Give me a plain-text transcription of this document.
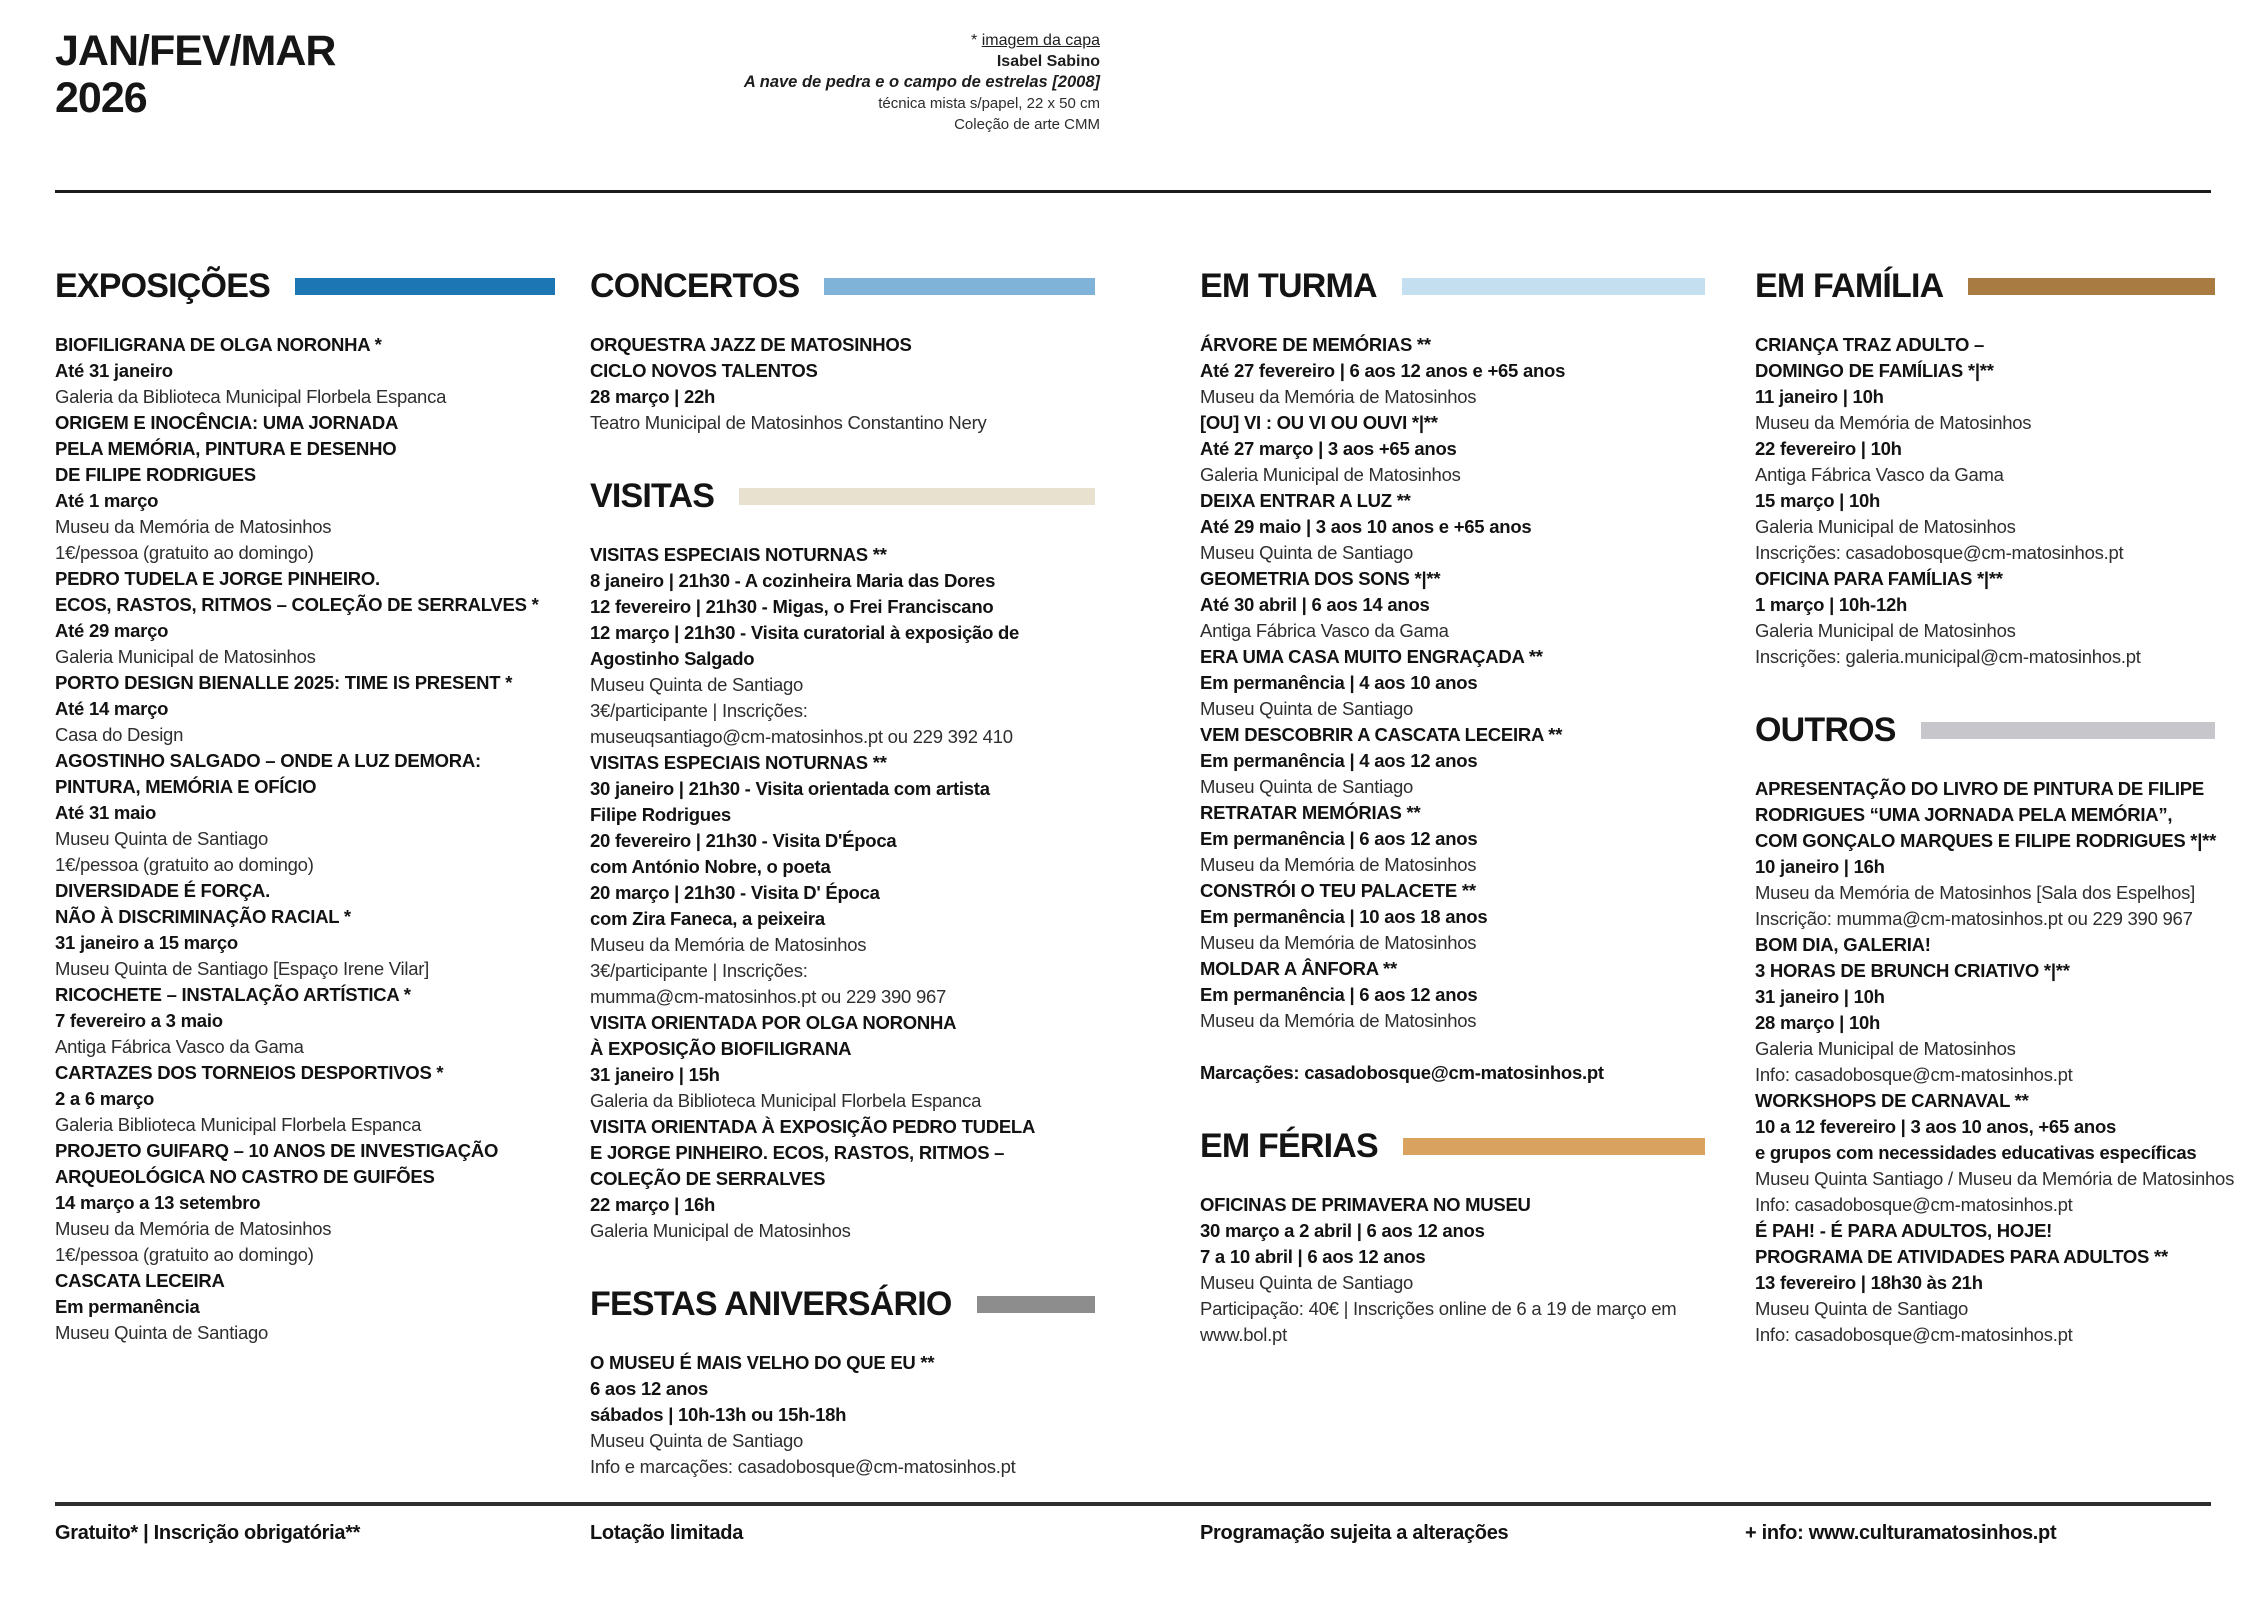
JAN/FEV/MAR
2026
* imagem da capa
Isabel Sabino
A nave de pedra e o campo de estrelas [2008]
técnica mista s/papel, 22 x 50 cm
Coleção de arte CMM
EXPOSIÇÕES
BIOFILIGRANA DE OLGA NORONHA *
Até 31 janeiro
Galeria da Biblioteca Municipal Florbela Espanca
ORIGEM E INOCÊNCIA: UMA JORNADA
PELA MEMÓRIA, PINTURA E DESENHO
DE FILIPE RODRIGUES
Até 1 março
Museu da Memória de Matosinhos
1€/pessoa (gratuito ao domingo)
PEDRO TUDELA E JORGE PINHEIRO.
ECOS, RASTOS, RITMOS – COLEÇÃO DE SERRALVES *
Até 29 março
Galeria Municipal de Matosinhos
PORTO DESIGN BIENALLE 2025: TIME IS PRESENT *
Até 14 março
Casa do Design
AGOSTINHO SALGADO – ONDE A LUZ DEMORA:
PINTURA, MEMÓRIA E OFÍCIO
Até 31 maio
Museu Quinta de Santiago
1€/pessoa (gratuito ao domingo)
DIVERSIDADE É FORÇA.
NÃO À DISCRIMINAÇÃO RACIAL *
31 janeiro a 15 março
Museu Quinta de Santiago [Espaço Irene Vilar]
RICOCHETE – INSTALAÇÃO ARTÍSTICA *
7 fevereiro a 3 maio
Antiga Fábrica Vasco da Gama
CARTAZES DOS TORNEIOS DESPORTIVOS *
2 a 6 março
Galeria Biblioteca Municipal Florbela Espanca
PROJETO GUIFARQ – 10 ANOS DE INVESTIGAÇÃO
ARQUEOLÓGICA NO CASTRO DE GUIFÕES
14 março a 13 setembro
Museu da Memória de Matosinhos
1€/pessoa (gratuito ao domingo)
CASCATA LECEIRA
Em permanência
Museu Quinta de Santiago
CONCERTOS
ORQUESTRA JAZZ DE MATOSINHOS
CICLO NOVOS TALENTOS
28 março | 22h
Teatro Municipal de Matosinhos Constantino Nery
VISITAS
VISITAS ESPECIAIS NOTURNAS **
8 janeiro | 21h30 - A cozinheira Maria das Dores
12 fevereiro | 21h30 - Migas, o Frei Franciscano
12 março | 21h30 - Visita curatorial à exposição de
Agostinho Salgado
Museu Quinta de Santiago
3€/participante | Inscrições:
museuqsantiago@cm-matosinhos.pt ou 229 392 410
VISITAS ESPECIAIS NOTURNAS **
30 janeiro | 21h30 - Visita orientada com artista
Filipe Rodrigues
20 fevereiro | 21h30 - Visita D'Época
com António Nobre, o poeta
20 março | 21h30 - Visita D' Época
com Zira Faneca, a peixeira
Museu da Memória de Matosinhos
3€/participante | Inscrições:
mumma@cm-matosinhos.pt ou 229 390 967
VISITA ORIENTADA POR OLGA NORONHA
À EXPOSIÇÃO BIOFILIGRANA
31 janeiro | 15h
Galeria da Biblioteca Municipal Florbela Espanca
VISITA ORIENTADA À EXPOSIÇÃO PEDRO TUDELA
E JORGE PINHEIRO. ECOS, RASTOS, RITMOS –
COLEÇÃO DE SERRALVES
22 março | 16h
Galeria Municipal de Matosinhos
FESTAS ANIVERSÁRIO
O MUSEU É MAIS VELHO DO QUE EU **
6 aos 12 anos
sábados | 10h-13h ou 15h-18h
Museu Quinta de Santiago
Info e marcações: casadobosque@cm-matosinhos.pt
EM TURMA
ÁRVORE DE MEMÓRIAS **
Até 27 fevereiro | 6 aos 12 anos e +65 anos
Museu da Memória de Matosinhos
[OU] VI : OU VI OU OUVI *|**
Até 27 março | 3 aos +65 anos
Galeria Municipal de Matosinhos
DEIXA ENTRAR A LUZ **
Até 29 maio | 3 aos 10 anos e +65 anos
Museu Quinta de Santiago
GEOMETRIA DOS SONS *|**
Até 30 abril | 6 aos 14 anos
Antiga Fábrica Vasco da Gama
ERA UMA CASA MUITO ENGRAÇADA **
Em permanência | 4 aos 10 anos
Museu Quinta de Santiago
VEM DESCOBRIR A CASCATA LECEIRA **
Em permanência | 4 aos 12 anos
Museu Quinta de Santiago
RETRATAR MEMÓRIAS **
Em permanência | 6 aos 12 anos
Museu da Memória de Matosinhos
CONSTRÓI O TEU PALACETE **
Em permanência | 10 aos 18 anos
Museu da Memória de Matosinhos
MOLDAR A ÂNFORA **
Em permanência | 6 aos 12 anos
Museu da Memória de Matosinhos
Marcações: casadobosque@cm-matosinhos.pt
EM FÉRIAS
OFICINAS DE PRIMAVERA NO MUSEU
30 março a 2 abril | 6 aos 12 anos
7 a 10 abril | 6 aos 12 anos
Museu Quinta de Santiago
Participação: 40€ | Inscrições online de 6 a 19 de março em
www.bol.pt
EM FAMÍLIA
CRIANÇA TRAZ ADULTO –
DOMINGO DE FAMÍLIAS *|**
11 janeiro | 10h
Museu da Memória de Matosinhos
22 fevereiro | 10h
Antiga Fábrica Vasco da Gama
15 março | 10h
Galeria Municipal de Matosinhos
Inscrições: casadobosque@cm-matosinhos.pt
OFICINA PARA FAMÍLIAS *|**
1 março | 10h-12h
Galeria Municipal de Matosinhos
Inscrições: galeria.municipal@cm-matosinhos.pt
OUTROS
APRESENTAÇÃO DO LIVRO DE PINTURA DE FILIPE
RODRIGUES “UMA JORNADA PELA MEMÓRIA”,
COM GONÇALO MARQUES E FILIPE RODRIGUES *|**
10 janeiro | 16h
Museu da Memória de Matosinhos [Sala dos Espelhos]
Inscrição: mumma@cm-matosinhos.pt ou 229 390 967
BOM DIA, GALERIA!
3 HORAS DE BRUNCH CRIATIVO *|**
31 janeiro | 10h
28 março | 10h
Galeria Municipal de Matosinhos
Info: casadobosque@cm-matosinhos.pt
WORKSHOPS DE CARNAVAL **
10 a 12 fevereiro | 3 aos 10 anos, +65 anos
e grupos com necessidades educativas específicas
Museu Quinta Santiago / Museu da Memória de Matosinhos
Info: casadobosque@cm-matosinhos.pt
É PAH! - É PARA ADULTOS, HOJE!
PROGRAMA DE ATIVIDADES PARA ADULTOS **
13 fevereiro | 18h30 às 21h
Museu Quinta de Santiago
Info: casadobosque@cm-matosinhos.pt
Gratuito* | Inscrição obrigatória**	Lotação limitada	Programação sujeita a alterações	+ info: www.culturamatosinhos.pt
